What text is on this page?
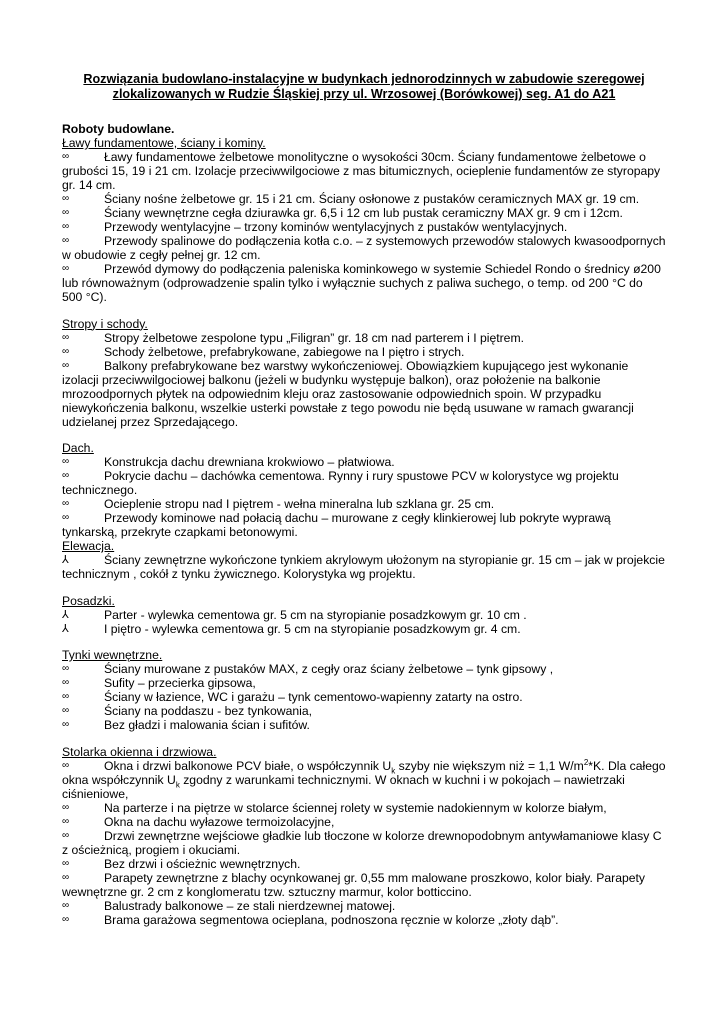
Rozwiązania budowlano-instalacyjne w budynkach jednorodzinnych w zabudowie szeregowej
zlokalizowanych w Rudzie Śląskiej przy ul. Wrzosowej (Borówkowej) seg. A1 do A21
Roboty budowlane.
Ławy fundamentowe, ściany i kominy.
∞	Ławy fundamentowe żelbetowe monolityczne o wysokości 30cm. Ściany fundamentowe żelbetowe o grubości 15, 19 i 21 cm. Izolacje przeciwwilgociowe z mas bitumicznych, ocieplenie fundamentów ze styropapy gr. 14 cm.

∞	Ściany nośne żelbetowe gr. 15 i 21 cm. Ściany osłonowe z pustaków ceramicznych MAX gr. 19 cm.

∞	Ściany wewnętrzne cegła dziurawka gr. 6,5 i 12 cm lub pustak ceramiczny MAX gr. 9 cm i 12cm.

∞	Przewody wentylacyjne – trzony kominów wentylacyjnych z pustaków wentylacyjnych.

∞	Przewody spalinowe do podłączenia kotła c.o. – z systemowych przewodów stalowych kwasoodpornych w obudowie z cegły pełnej gr. 12 cm.

∞	Przewód dymowy do podłączenia paleniska kominkowego w systemie Schiedel Rondo o średnicy ø200 lub równoważnym (odprowadzenie spalin tylko i wyłącznie suchych z paliwa suchego, o temp. od 200 °C do 500 °C).

Stropy i schody.
∞	Stropy żelbetowe zespolone typu „Filigran” gr. 18 cm nad parterem i I piętrem.

∞	Schody żelbetowe, prefabrykowane, zabiegowe na I piętro i strych.

∞	Balkony prefabrykowane bez warstwy wykończeniowej. Obowiązkiem kupującego jest wykonanie izolacji przeciwwilgociowej balkonu (jeżeli w budynku występuje balkon), oraz położenie na balkonie mrozoodpornych płytek na odpowiednim kleju oraz zastosowanie odpowiednich spoin. W przypadku niewykończenia balkonu, wszelkie usterki powstałe z tego powodu nie będą usuwane w ramach gwarancji udzielanej przez Sprzedającego.

Dach.
∞	Konstrukcja dachu drewniana krokwiowo – płatwiowa.

∞	Pokrycie dachu – dachówka cementowa. Rynny i rury spustowe PCV w kolorystyce wg projektu technicznego.

∞	Ocieplenie stropu nad I piętrem - wełna mineralna lub szklana gr. 25 cm.

∞	Przewody kominowe nad połacią dachu – murowane z cegły klinkierowej lub pokryte wyprawą tynkarską, przekryte czapkami betonowymi.

Elewacja.
⅄	Ściany zewnętrzne wykończone tynkiem akrylowym ułożonym na styropianie gr. 15 cm – jak w projekcie technicznym , cokół z tynku żywicznego. Kolorystyka wg projektu.

Posadzki.
⅄	Parter - wylewka cementowa gr. 5 cm na styropianie posadzkowym gr. 10 cm .

⅄	I piętro - wylewka cementowa gr. 5 cm na styropianie posadzkowym gr. 4 cm.

Tynki wewnętrzne.
∞	Ściany murowane z pustaków MAX, z cegły oraz ściany żelbetowe – tynk gipsowy ,

∞	Sufity – przecierka gipsowa,

∞	Ściany w łazience, WC i garażu – tynk cementowo-wapienny zatarty na ostro.

∞	Ściany na poddaszu - bez tynkowania,

∞	Bez gładzi i malowania ścian i sufitów.

Stolarka okienna i drzwiowa.
∞	Okna i drzwi balkonowe PCV białe, o współczynnik $U_k$ szyby nie większym niż = 1,1 $W/m^2*K$. Dla całego okna współczynnik $U_k$ zgodny z warunkami technicznymi. W oknach w kuchni i w pokojach – nawietrzaki ciśnieniowe,

∞	Na parterze i na piętrze w stolarce ściennej rolety w systemie nadokiennym w kolorze białym,

∞	Okna na dachu wyłazowe termoizolacyjne,

∞	Drzwi zewnętrzne wejściowe gładkie lub tłoczone w kolorze drewnopodobnym antywłamaniowe klasy C z ościeżnicą, progiem i okuciami.

∞	Bez drzwi i ościeżnic wewnętrznych.

∞	Parapety zewnętrzne z blachy ocynkowanej gr. 0,55 mm malowane proszkowo, kolor biały. Parapety wewnętrzne gr. 2 cm z konglomeratu tzw. sztuczny marmur, kolor botticcino.

∞	Balustrady balkonowe – ze stali nierdzewnej matowej.

∞	Brama garażowa segmentowa ocieplana, podnoszona ręcznie w kolorze „złoty dąb”.
